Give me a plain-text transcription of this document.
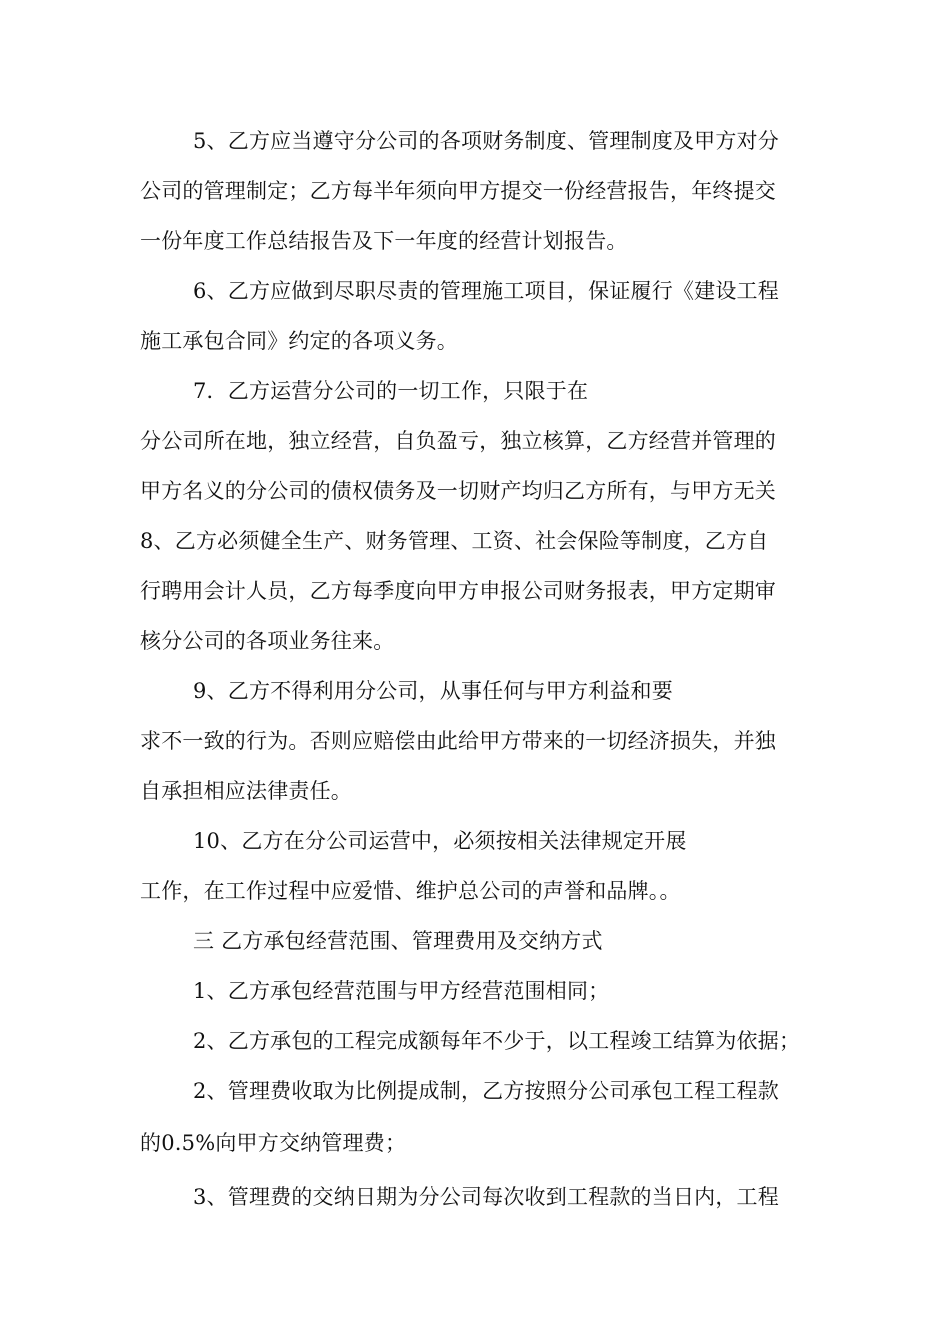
5、乙方应当遵守分公司的各项财务制度、管理制度及甲方对分
公司的管理制定；乙方每半年须向甲方提交一份经营报告，年终提交
一份年度工作总结报告及下一年度的经营计划报告。
6、乙方应做到尽职尽责的管理施工项目，保证履行《建设工程
施工承包合同》约定的各项义务。
7．乙方运营分公司的一切工作，只限于在
分公司所在地，独立经营，自负盈亏，独立核算，乙方经营并管理的
甲方名义的分公司的债权债务及一切财产均归乙方所有，与甲方无关
8、乙方必须健全生产、财务管理、工资、社会保险等制度，乙方自
行聘用会计人员，乙方每季度向甲方申报公司财务报表，甲方定期审
核分公司的各项业务往来。
9、乙方不得利用分公司，从事任何与甲方利益和要
求不一致的行为。否则应赔偿由此给甲方带来的一切经济损失，并独
自承担相应法律责任。
10、乙方在分公司运营中，必须按相关法律规定开展
工作，在工作过程中应爱惜、维护总公司的声誉和品牌。。
三 乙方承包经营范围、管理费用及交纳方式
1、乙方承包经营范围与甲方经营范围相同；
2、乙方承包的工程完成额每年不少于，以工程竣工结算为依据；
2、管理费收取为比例提成制，乙方按照分公司承包工程工程款
的0.5%向甲方交纳管理费；
3、管理费的交纳日期为分公司每次收到工程款的当日内，工程
